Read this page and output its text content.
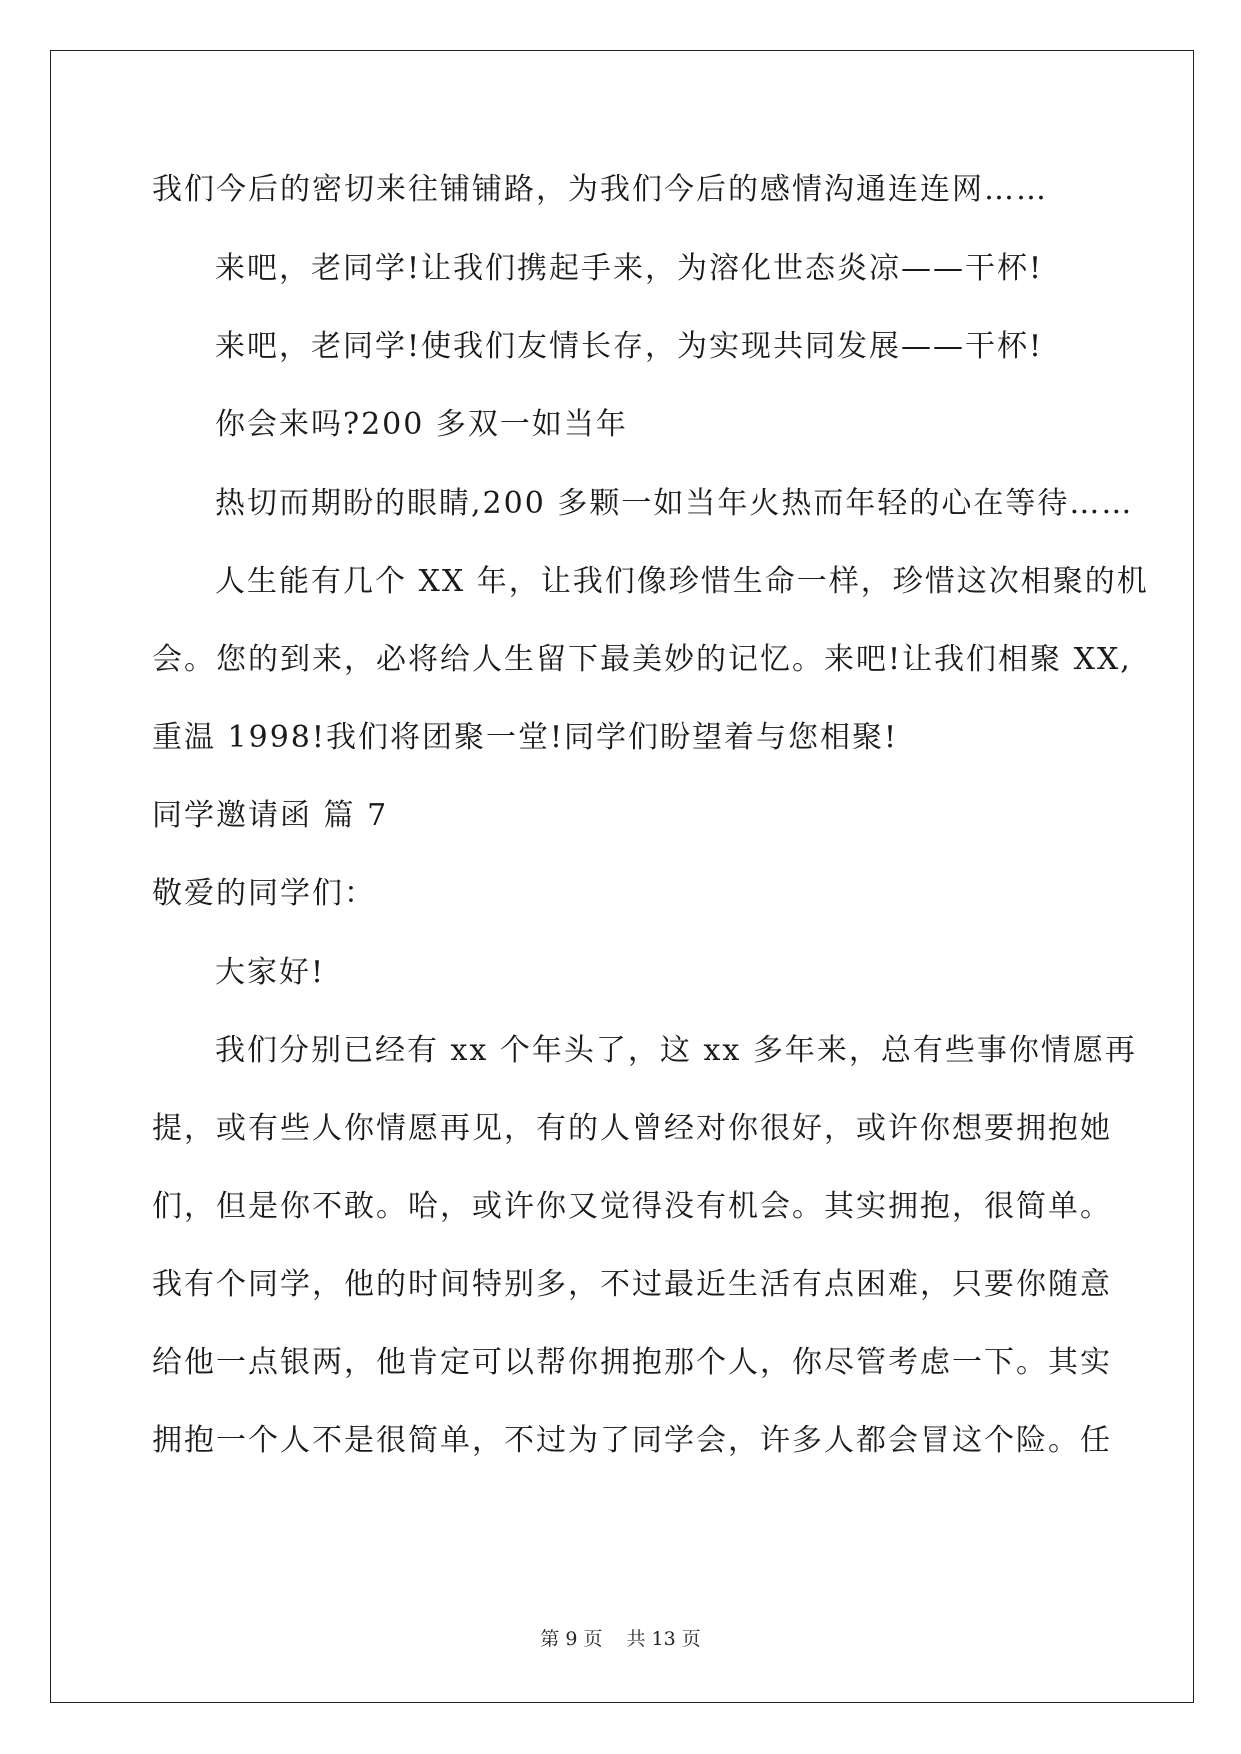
我们今后的密切来往铺铺路，为我们今后的感情沟通连连网……
来吧，老同学!让我们携起手来，为溶化世态炎凉——干杯!
来吧，老同学!使我们友情长存，为实现共同发展——干杯!
你会来吗?200 多双一如当年
热切而期盼的眼睛,200 多颗一如当年火热而年轻的心在等待……
人生能有几个 XX 年，让我们像珍惜生命一样，珍惜这次相聚的机
会。您的到来，必将给人生留下最美妙的记忆。来吧!让我们相聚 XX,
重温 1998!我们将团聚一堂!同学们盼望着与您相聚!
同学邀请函 篇 7
敬爱的同学们：
大家好!
我们分别已经有 xx 个年头了，这 xx 多年来，总有些事你情愿再
提，或有些人你情愿再见，有的人曾经对你很好，或许你想要拥抱她
们，但是你不敢。哈，或许你又觉得没有机会。其实拥抱，很简单。
我有个同学，他的时间特别多，不过最近生活有点困难，只要你随意
给他一点银两，他肯定可以帮你拥抱那个人，你尽管考虑一下。其实
拥抱一个人不是很简单，不过为了同学会，许多人都会冒这个险。任
第 9 页 共 13 页
